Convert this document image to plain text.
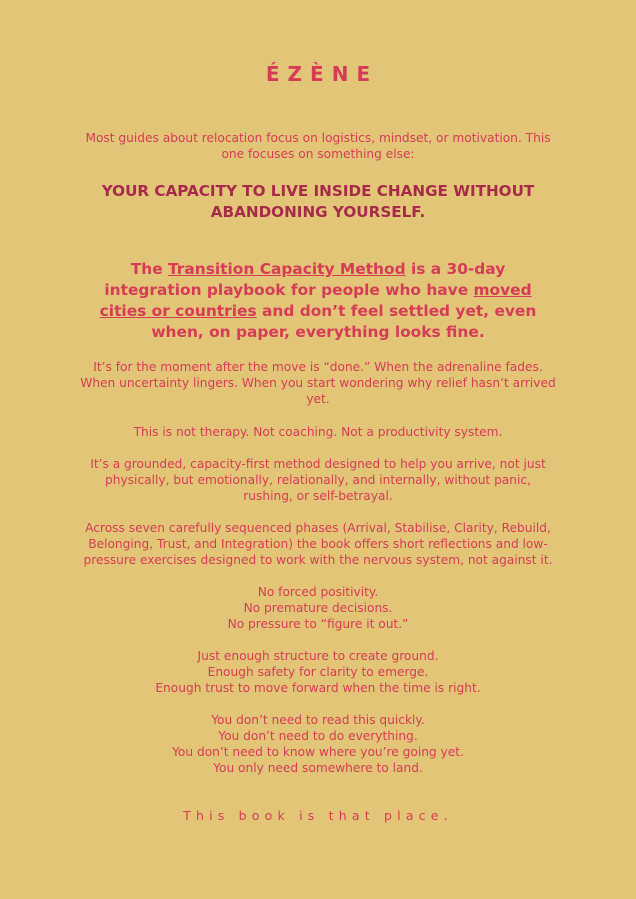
ÉZÈNE

Most guides about relocation focus on logistics, mindset, or motivation. This one focuses on something else:

YOUR CAPACITY TO LIVE INSIDE CHANGE WITHOUT ABANDONING YOURSELF.
The Transition Capacity Method is a 30-day integration playbook for people who have moved cities or countries and don’t feel settled yet, even when, on paper, everything looks fine.

It’s for the moment after the move is “done.” When the adrenaline fades. When uncertainty lingers. When you start wondering why relief hasn’t arrived yet.

This is not therapy. Not coaching. Not a productivity system.

It’s a grounded, capacity-first method designed to help you arrive, not just physically, but emotionally, relationally, and internally, without panic, rushing, or self-betrayal.

Across seven carefully sequenced phases (Arrival, Stabilise, Clarity, Rebuild, Belonging, Trust, and Integration) the book offers short reflections and low-pressure exercises designed to work with the nervous system, not against it.

No forced positivity.
No premature decisions.
No pressure to “figure it out.”
Just enough structure to create ground.
Enough safety for clarity to emerge.
Enough trust to move forward when the time is right.
You don’t need to read this quickly.
You don’t need to do everything.
You don’t need to know where you’re going yet.
You only need somewhere to land.
This book is that place.
